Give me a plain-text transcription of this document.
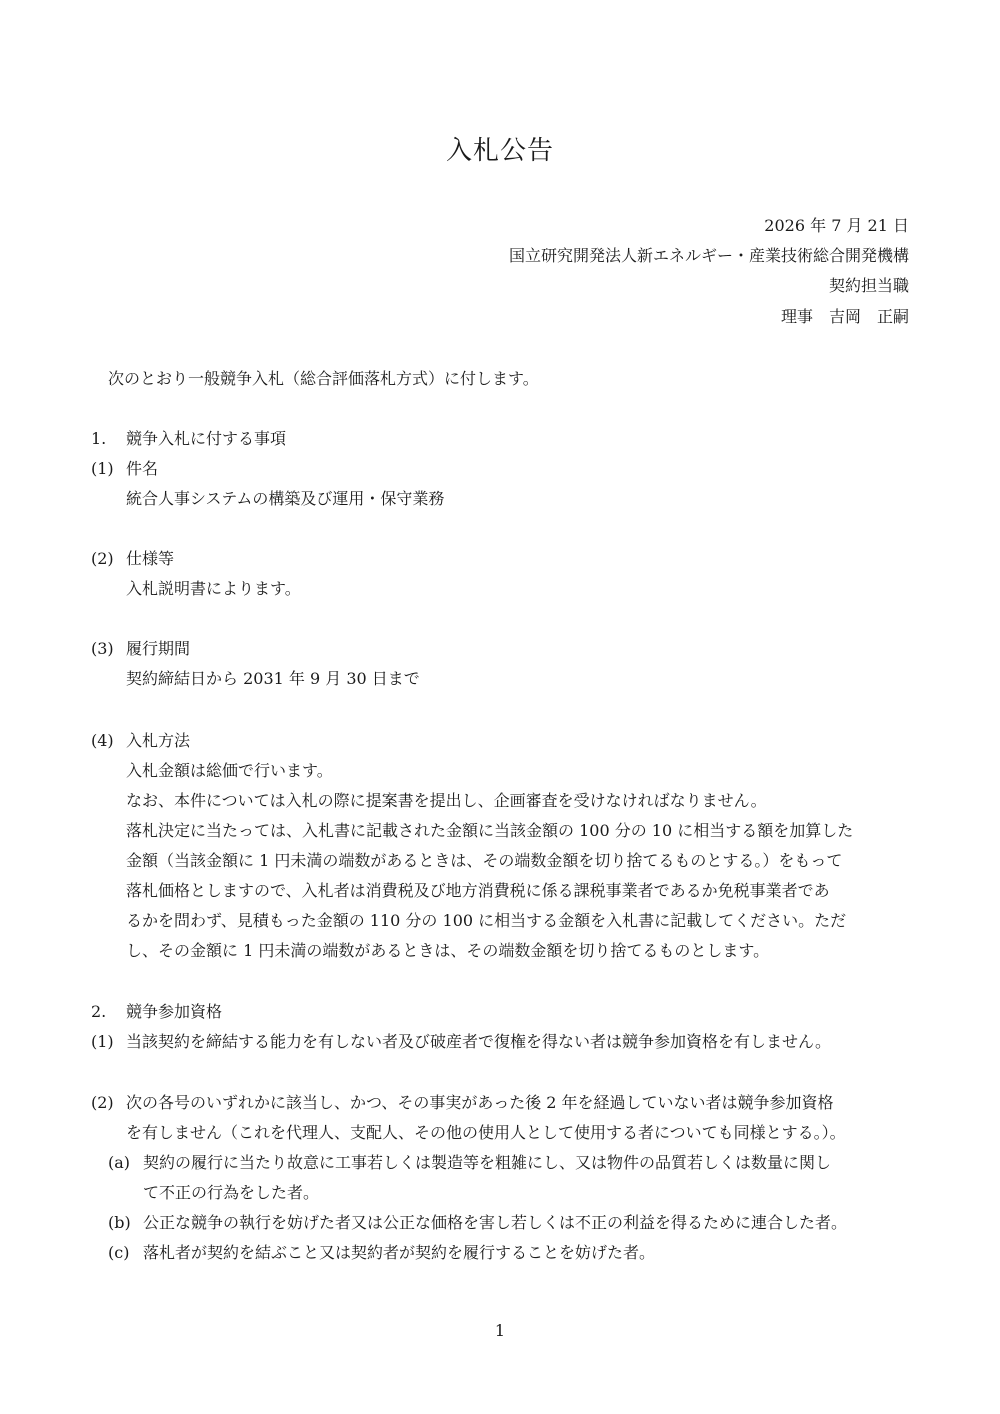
入札公告
2026 年 7 月 21 日
国立研究開発法人新エネルギー・産業技術総合開発機構
契約担当職
理事　吉岡　正嗣
次のとおり一般競争入札（総合評価落札方式）に付します。
1. 競争入札に付する事項
(1) 件名
統合人事システムの構築及び運用・保守業務
(2) 仕様等
入札説明書によります。
(3) 履行期間
契約締結日から 2031 年 9 月 30 日まで
(4) 入札方法
入札金額は総価で行います。
なお、本件については入札の際に提案書を提出し、企画審査を受けなければなりません。
落札決定に当たっては、入札書に記載された金額に当該金額の 100 分の 10 に相当する額を加算した
金額（当該金額に 1 円未満の端数があるときは、その端数金額を切り捨てるものとする。）をもって
落札価格としますので、入札者は消費税及び地方消費税に係る課税事業者であるか免税事業者であ
るかを問わず、見積もった金額の 110 分の 100 に相当する金額を入札書に記載してください。ただ
し、その金額に 1 円未満の端数があるときは、その端数金額を切り捨てるものとします。
2. 競争参加資格
(1) 当該契約を締結する能力を有しない者及び破産者で復権を得ない者は競争参加資格を有しません。
(2) 次の各号のいずれかに該当し、かつ、その事実があった後 2 年を経過していない者は競争参加資格
を有しません（これを代理人、支配人、その他の使用人として使用する者についても同様とする。）。
(a) 契約の履行に当たり故意に工事若しくは製造等を粗雑にし、又は物件の品質若しくは数量に関し
て不正の行為をした者。
(b) 公正な競争の執行を妨げた者又は公正な価格を害し若しくは不正の利益を得るために連合した者。
(c) 落札者が契約を結ぶこと又は契約者が契約を履行することを妨げた者。
1
